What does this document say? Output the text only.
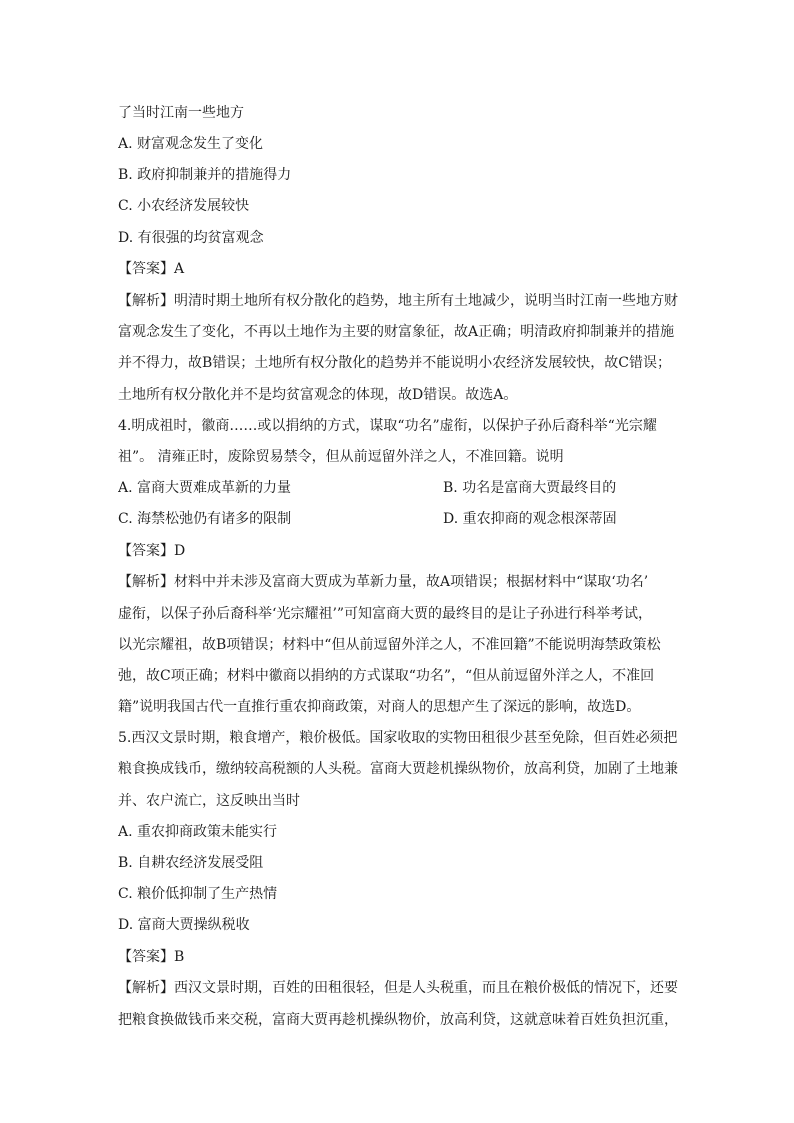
了当时江南一些地方
A. 财富观念发生了变化
B. 政府抑制兼并的措施得力
C. 小农经济发展较快
D. 有很强的均贫富观念
【答案】A
【解析】明清时期土地所有权分散化的趋势，地主所有土地减少，说明当时江南一些地方财
富观念发生了变化，不再以土地作为主要的财富象征，故A正确；明清政府抑制兼并的措施
并不得力，故B错误；土地所有权分散化的趋势并不能说明小农经济发展较快，故C错误；
土地所有权分散化并不是均贫富观念的体现，故D错误。故选A。
4.明成祖时，徽商……或以捐纳的方式，谋取“功名”虚衔，以保护子孙后裔科举“光宗耀
祖”。 清雍正时，废除贸易禁令，但从前逗留外洋之人，不准回籍。说明
A. 富商大贾难成革新的力量	B. 功名是富商大贾最终目的
C. 海禁松弛仍有诸多的限制	D. 重农抑商的观念根深蒂固
【答案】D
【解析】材料中并未涉及富商大贾成为革新力量，故A项错误；根据材料中“谋取‘功名’
虚衔，以保子孙后裔科举‘光宗耀祖’”可知富商大贾的最终目的是让子孙进行科举考试，
以光宗耀祖，故B项错误；材料中“但从前逗留外洋之人，不准回籍”不能说明海禁政策松
弛，故C项正确；材料中徽商以捐纳的方式谋取“功名”，“但从前逗留外洋之人，不准回
籍”说明我国古代一直推行重农抑商政策，对商人的思想产生了深远的影响，故选D。
5.西汉文景时期，粮食增产，粮价极低。国家收取的实物田租很少甚至免除，但百姓必须把
粮食换成钱币，缴纳较高税额的人头税。富商大贾趁机操纵物价，放高利贷，加剧了土地兼
并、农户流亡，这反映出当时
A. 重农抑商政策未能实行
B. 自耕农经济发展受阻
C. 粮价低抑制了生产热情
D. 富商大贾操纵税收
【答案】B
【解析】西汉文景时期，百姓的田租很轻，但是人头税重，而且在粮价极低的情况下，还要
把粮食换做钱币来交税，富商大贾再趁机操纵物价，放高利贷，这就意味着百姓负担沉重，
